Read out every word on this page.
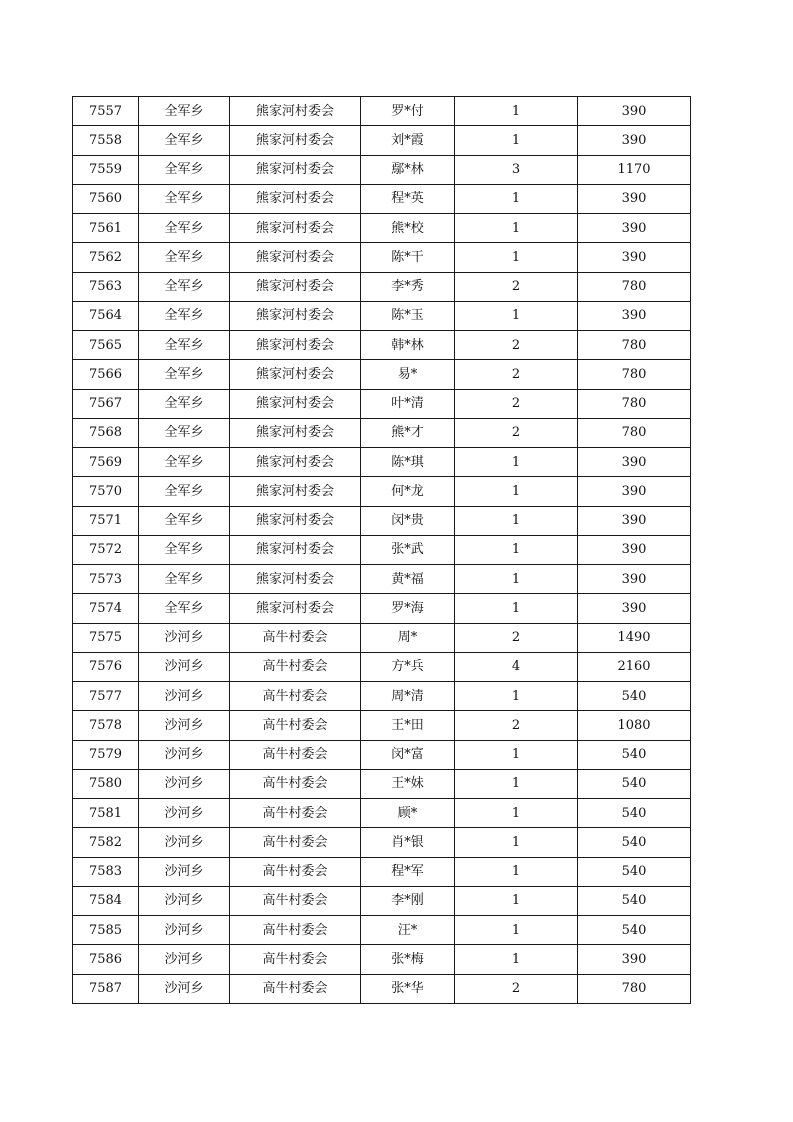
7557	全军乡	熊家河村委会	罗*付	1	390
7558	全军乡	熊家河村委会	刘*霞	1	390
7559	全军乡	熊家河村委会	鄢*林	3	1170
7560	全军乡	熊家河村委会	程*英	1	390
7561	全军乡	熊家河村委会	熊*校	1	390
7562	全军乡	熊家河村委会	陈*干	1	390
7563	全军乡	熊家河村委会	李*秀	2	780
7564	全军乡	熊家河村委会	陈*玉	1	390
7565	全军乡	熊家河村委会	韩*林	2	780
7566	全军乡	熊家河村委会	易*	2	780
7567	全军乡	熊家河村委会	叶*清	2	780
7568	全军乡	熊家河村委会	熊*才	2	780
7569	全军乡	熊家河村委会	陈*琪	1	390
7570	全军乡	熊家河村委会	何*龙	1	390
7571	全军乡	熊家河村委会	闵*贵	1	390
7572	全军乡	熊家河村委会	张*武	1	390
7573	全军乡	熊家河村委会	黄*福	1	390
7574	全军乡	熊家河村委会	罗*海	1	390
7575	沙河乡	高牛村委会	周*	2	1490
7576	沙河乡	高牛村委会	方*兵	4	2160
7577	沙河乡	高牛村委会	周*清	1	540
7578	沙河乡	高牛村委会	王*田	2	1080
7579	沙河乡	高牛村委会	闵*富	1	540
7580	沙河乡	高牛村委会	王*妹	1	540
7581	沙河乡	高牛村委会	顾*	1	540
7582	沙河乡	高牛村委会	肖*银	1	540
7583	沙河乡	高牛村委会	程*军	1	540
7584	沙河乡	高牛村委会	李*刚	1	540
7585	沙河乡	高牛村委会	汪*	1	540
7586	沙河乡	高牛村委会	张*梅	1	390
7587	沙河乡	高牛村委会	张*华	2	780
